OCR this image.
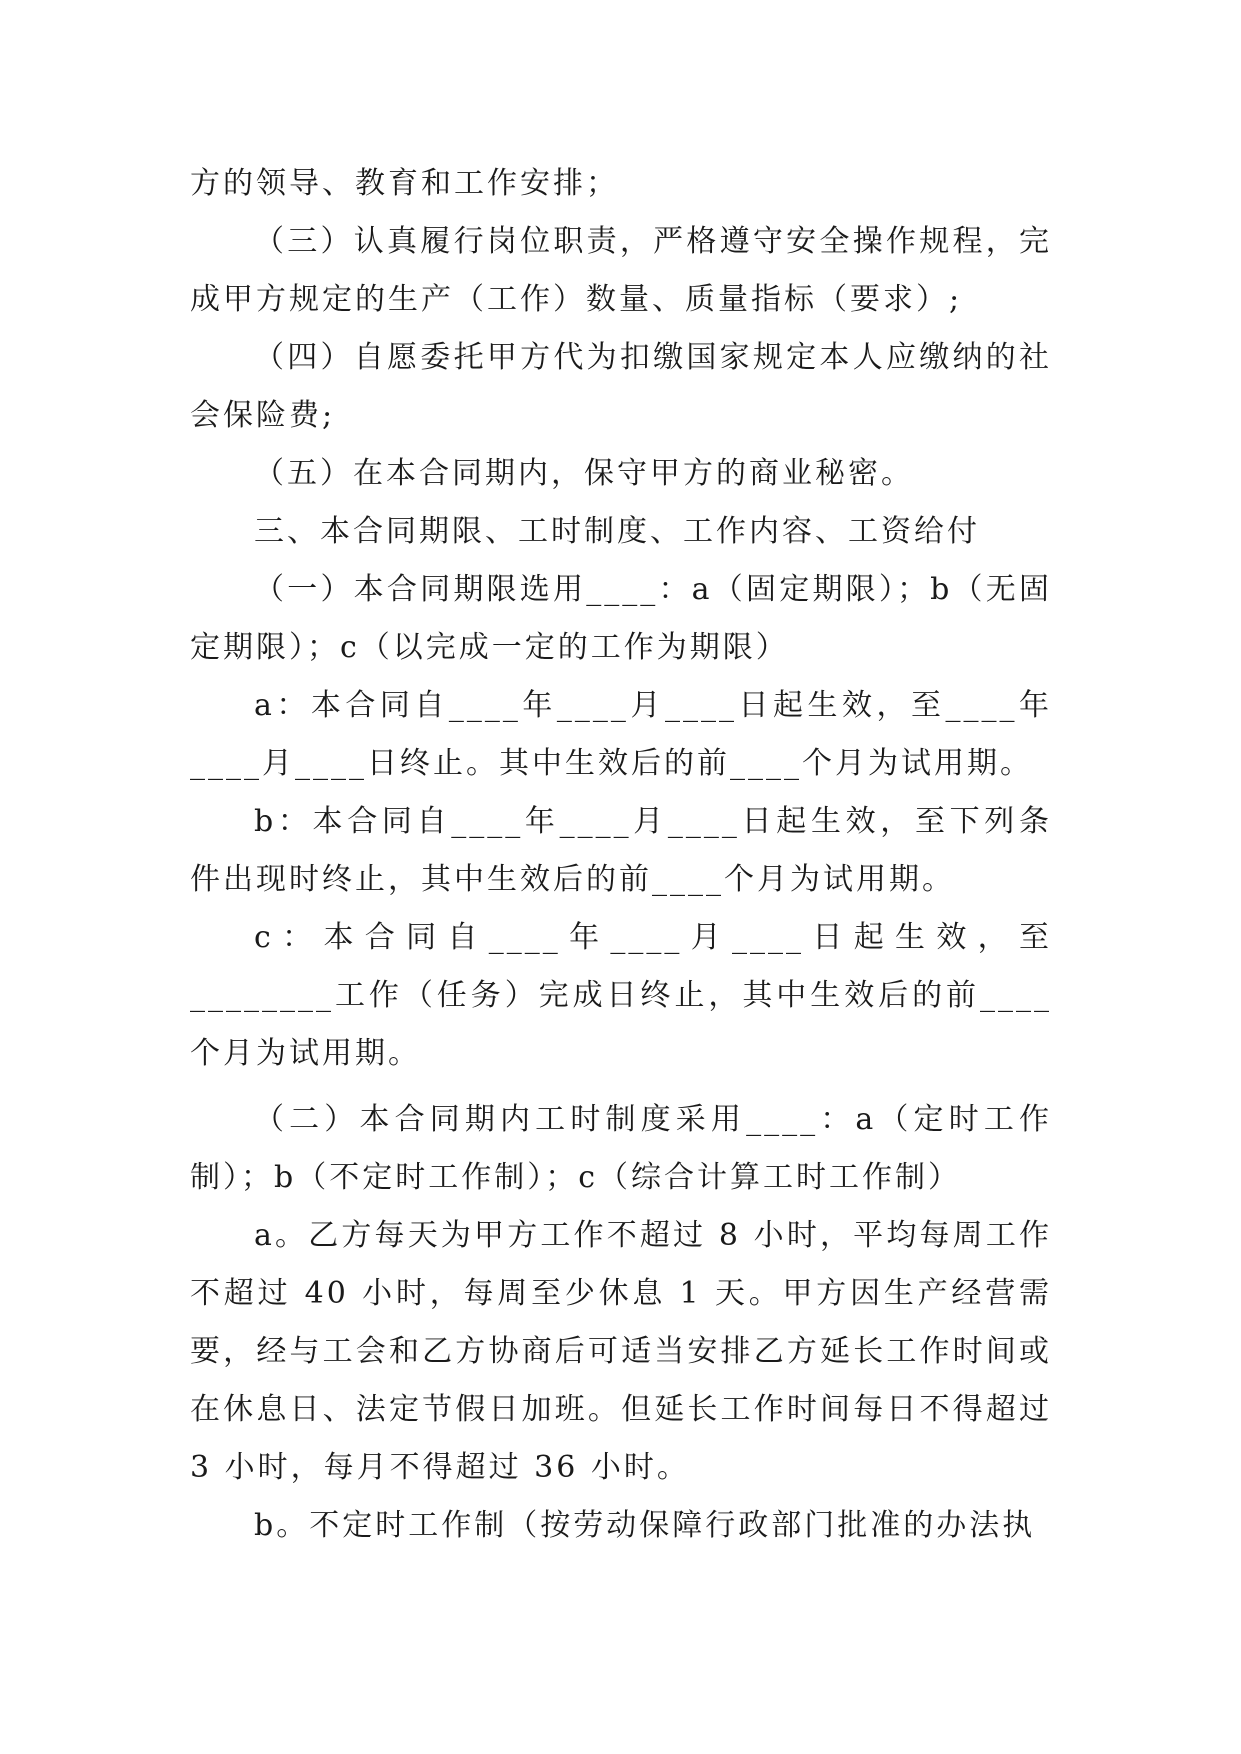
方的领导、教育和工作安排；

（三）认真履行岗位职责，严格遵守安全操作规程，完成甲方规定的生产（工作）数量、质量指标（要求）;

（四）自愿委托甲方代为扣缴国家规定本人应缴纳的社会保险费;

（五）在本合同期内，保守甲方的商业秘密。

三、本合同期限、工时制度、工作内容、工资给付

（一）本合同期限选用____：a（固定期限）；b（无固定期限）；c（以完成一定的工作为期限）

a：本合同自____年____月____日起生效，至____年____月____日终止。其中生效后的前____个月为试用期。

b：本合同自____年____月____日起生效，至下列条件出现时终止，其中生效后的前____个月为试用期。

c：本合同自____年____月____日起生效，至________工作（任务）完成日终止，其中生效后的前____个月为试用期。

（二）本合同期内工时制度采用____：a（定时工作制）；b（不定时工作制）；c（综合计算工时工作制）

a。乙方每天为甲方工作不超过 8 小时，平均每周工作不超过 40 小时，每周至少休息 1 天。甲方因生产经营需要，经与工会和乙方协商后可适当安排乙方延长工作时间或在休息日、法定节假日加班。但延长工作时间每日不得超过 3 小时，每月不得超过 36 小时。

b。不定时工作制（按劳动保障行政部门批准的办法执
